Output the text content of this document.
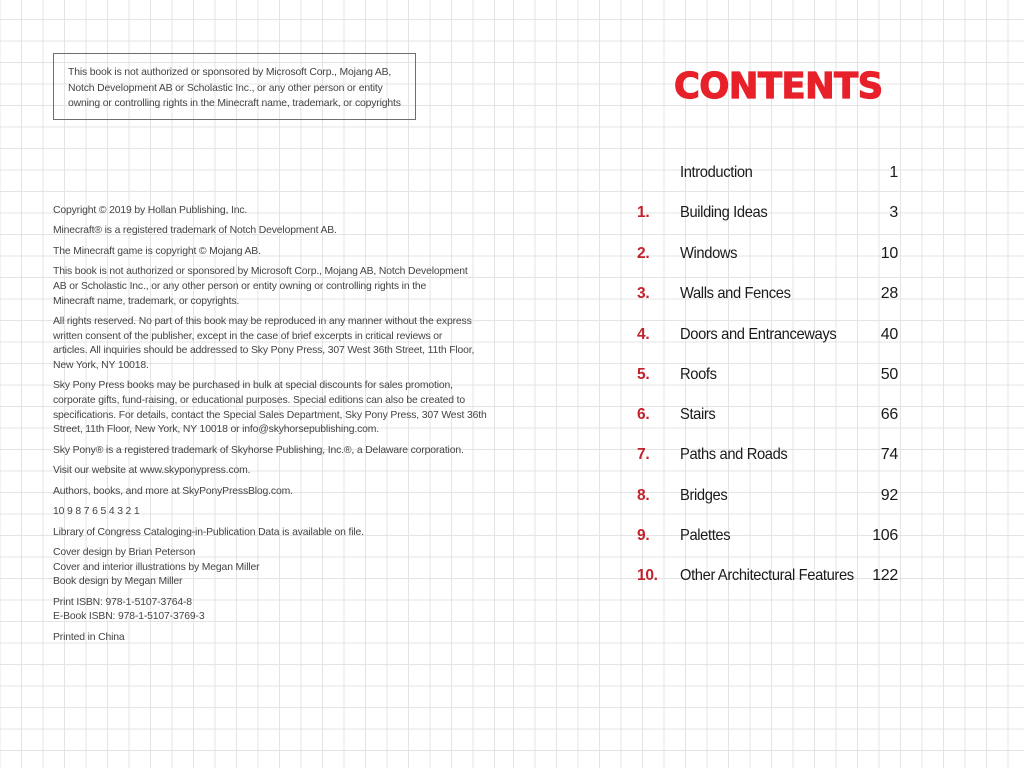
This book is not authorized or sponsored by Microsoft Corp., Mojang AB,
Notch Development AB or Scholastic Inc., or any other person or entity
owning or controlling rights in the Minecraft name, trademark, or copyrights
Copyright © 2019 by Hollan Publishing, Inc.
Minecraft® is a registered trademark of Notch Development AB.
The Minecraft game is copyright © Mojang AB.
This book is not authorized or sponsored by Microsoft Corp., Mojang AB, Notch Development
AB or Scholastic Inc., or any other person or entity owning or controlling rights in the
Minecraft name, trademark, or copyrights.
All rights reserved. No part of this book may be reproduced in any manner without the express
written consent of the publisher, except in the case of brief excerpts in critical reviews or
articles. All inquiries should be addressed to Sky Pony Press, 307 West 36th Street, 11th Floor,
New York, NY 10018.
Sky Pony Press books may be purchased in bulk at special discounts for sales promotion,
corporate gifts, fund-raising, or educational purposes. Special editions can also be created to
specifications. For details, contact the Special Sales Department, Sky Pony Press, 307 West 36th
Street, 11th Floor, New York, NY 10018 or info@skyhorsepublishing.com.
Sky Pony® is a registered trademark of Skyhorse Publishing, Inc.®, a Delaware corporation.
Visit our website at www.skyponypress.com.
Authors, books, and more at SkyPonyPressBlog.com.
10 9 8 7 6 5 4 3 2 1
Library of Congress Cataloging-in-Publication Data is available on file.
Cover design by Brian Peterson
Cover and interior illustrations by Megan Miller
Book design by Megan Miller
Print ISBN: 978-1-5107-3764-8
E-Book ISBN: 978-1-5107-3769-3
Printed in China
CONTENTS
Introduction	1
1. Building Ideas	3
2. Windows	10
3. Walls and Fences	28
4. Doors and Entranceways	40
5. Roofs	50
6. Stairs	66
7. Paths and Roads	74
8. Bridges	92
9. Palettes	106
10. Other Architectural Features 122
